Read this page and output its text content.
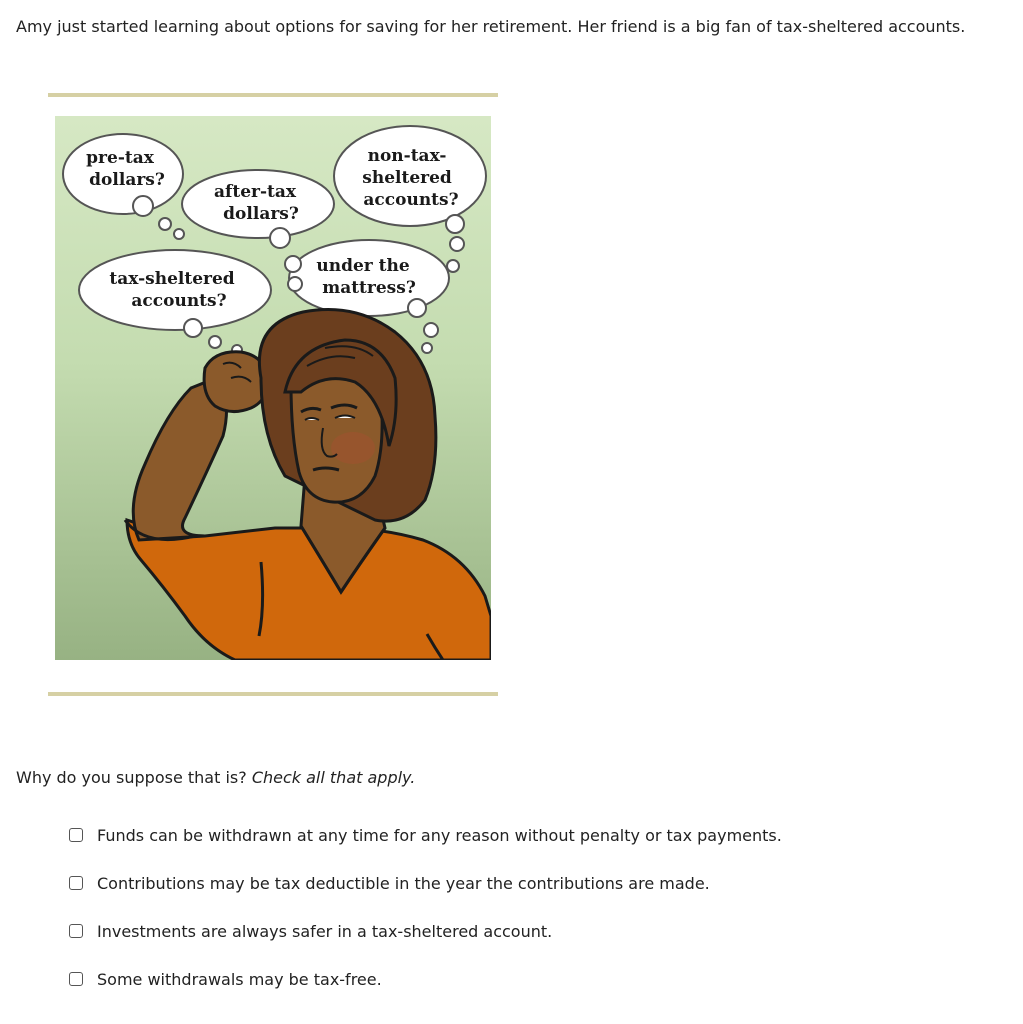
Amy just started learning about options for saving for her retirement. Her friend is a big fan of tax-sheltered accounts.
pre-tax dollars?
after-tax dollars?
non-tax- sheltered accounts?
tax-sheltered accounts?
under the mattress?
Why do you suppose that is? Check all that apply.
Funds can be withdrawn at any time for any reason without penalty or tax payments.
Contributions may be tax deductible in the year the contributions are made.
Investments are always safer in a tax-sheltered account.
Some withdrawals may be tax-free.
